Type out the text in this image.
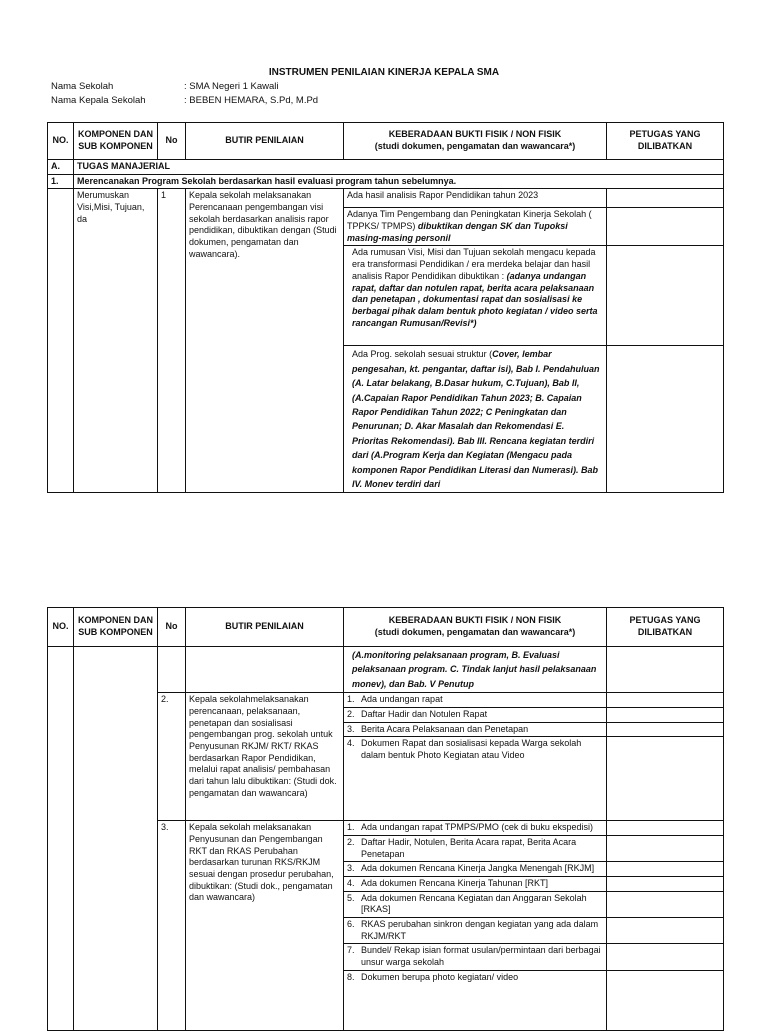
INSTRUMEN PENILAIAN KINERJA KEPALA SMA
Nama Sekolah	: SMA Negeri 1 Kawali
Nama Kepala Sekolah	: BEBEN HEMARA, S.Pd, M.Pd
NO.	KOMPONEN DAN SUB KOMPONEN	No	BUTIR PENILAIAN	KEBERADAAN BUKTI FISIK / NON FISIK
(studi dokumen, pengamatan dan wawancara*)	PETUGAS YANG DILIBATKAN
A.	TUGAS MANAJERIAL				
1.	Merencanakan Program Sekolah berdasarkan hasil evaluasi program tahun sebelumnya.				
	Merumuskan Visi,Misi, Tujuan, da	1	Kepala sekolah melaksanakan Perencanaan pengembangan visi sekolah berdasarkan analisis rapor pendidikan, dibuktikan dengan (Studi dokumen, pengamatan dan wawancara).	Ada hasil analisis Rapor Pendidikan tahun 2023	
				Adanya Tim Pengembang dan Peningkatan Kinerja Sekolah ( TPPKS/ TPMPS) dibuktikan dengan SK dan Tupoksi masing-masing personil	
				Ada rumusan Visi, Misi dan Tujuan sekolah mengacu kepada era transformasi Pendidikan / era merdeka belajar dan hasil analisis Rapor Pendidikan dibuktikan : (adanya undangan rapat, daftar dan notulen rapat, berita acara pelaksanaan dan penetapan , dokumentasi rapat dan sosialisasi ke berbagai pihak dalam bentuk photo kegiatan / video serta rancangan Rumusan/Revisi*)	
				Ada Prog. sekolah sesuai struktur (Cover, lembar pengesahan, kt. pengantar, daftar isi), Bab I. Pendahuluan (A. Latar belakang, B.Dasar hukum, C.Tujuan), Bab II, (A.Capaian Rapor Pendidikan Tahun 2023; B. Capaian Rapor Pendidikan Tahun 2022; C Peningkatan dan Penurunan; D. Akar Masalah dan Rekomendasi E. Prioritas Rekomendasi). Bab III. Rencana kegiatan terdiri dari (A.Program Kerja dan Kegiatan (Mengacu pada komponen Rapor Pendidikan Literasi dan Numerasi). Bab IV. Monev terdiri dari	
NO.	KOMPONEN DAN SUB KOMPONEN	No	BUTIR PENILAIAN	KEBERADAAN BUKTI FISIK / NON FISIK
(studi dokumen, pengamatan dan wawancara*)	PETUGAS YANG DILIBATKAN
				(A.monitoring pelaksanaan program, B. Evaluasi pelaksanaan program. C. Tindak lanjut hasil pelaksanaan monev), dan Bab. V Penutup	
		2.	Kepala sekolahmelaksanakan perencanaan, pelaksanaan, penetapan dan sosialisasi pengembangan prog. sekolah untuk Penyusunan RKJM/ RKT/ RKAS berdasarkan Rapor Pendidikan, melalui rapat analisis/ pembahasan dari tahun lalu dibuktikan: (Studi dok. pengamatan dan wawancara)	1. Ada undangan rapat	
				2. Daftar Hadir dan Notulen Rapat	
				3. Berita Acara Pelaksanaan dan Penetapan	
				4. Dokumen Rapat dan sosialisasi kepada Warga sekolah dalam bentuk Photo Kegiatan atau Video	
		3.	Kepala sekolah melaksanakan Penyusunan dan Pengembangan RKT dan RKAS Perubahan berdasarkan turunan RKS/RKJM sesuai dengan prosedur perubahan, dibuktikan: (Studi dok., pengamatan dan wawancara)	1. Ada undangan rapat TPMPS/PMO (cek di buku ekspedisi)	
				2. Daftar Hadir, Notulen, Berita Acara rapat, Berita Acara Penetapan	
				3. Ada dokumen Rencana Kinerja Jangka Menengah [RKJM]	
				4. Ada dokumen Rencana Kinerja Tahunan [RKT]	
				5. Ada dokumen Rencana Kegiatan dan Anggaran Sekolah [RKAS]	
				6. RKAS perubahan sinkron dengan kegiatan yang ada dalam RKJM/RKT	
				7. Bundel/ Rekap isian format usulan/permintaan dari berbagai unsur warga sekolah	
				8. Dokumen berupa photo kegiatan/ video	
